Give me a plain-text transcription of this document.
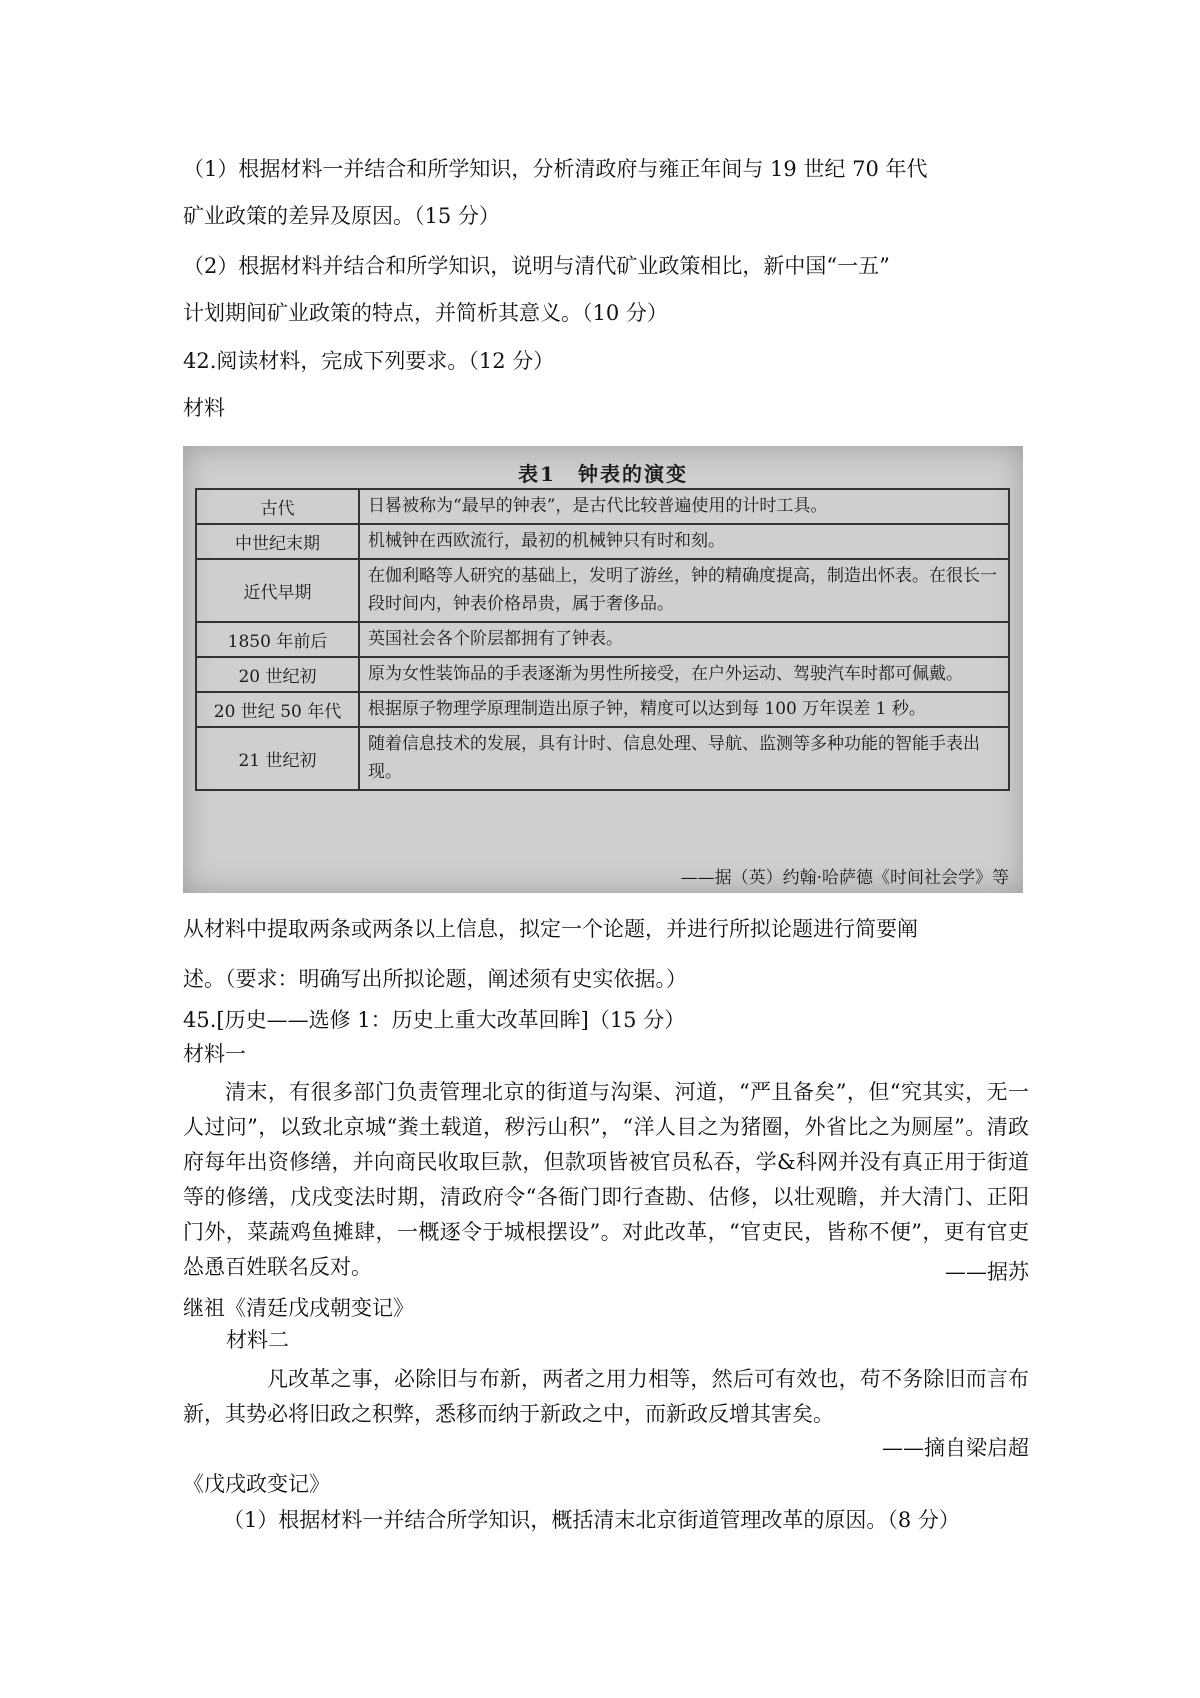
（1）根据材料一并结合和所学知识，分析清政府与雍正年间与 19 世纪 70 年代
矿业政策的差异及原因。（15 分）
（2）根据材料并结合和所学知识，说明与清代矿业政策相比，新中国“一五”
计划期间矿业政策的特点，并简析其意义。（10 分）
42.阅读材料，完成下列要求。（12 分）
材料
表1　钟表的演变
古代	日晷被称为“最早的钟表”，是古代比较普遍使用的计时工具。
中世纪末期	机械钟在西欧流行，最初的机械钟只有时和刻。
近代早期	在伽利略等人研究的基础上，发明了游丝，钟的精确度提高，制造出怀表。在很长一段时间内，钟表价格昂贵，属于奢侈品。
1850 年前后	英国社会各个阶层都拥有了钟表。
20 世纪初	原为女性装饰品的手表逐渐为男性所接受，在户外运动、驾驶汽车时都可佩戴。
20 世纪 50 年代	根据原子物理学原理制造出原子钟，精度可以达到每 100 万年误差 1 秒。
21 世纪初	随着信息技术的发展，具有计时、信息处理、导航、监测等多种功能的智能手表出现。
——据（英）约翰·哈萨德《时间社会学》等
从材料中提取两条或两条以上信息，拟定一个论题，并进行所拟论题进行简要阐
述。（要求：明确写出所拟论题，阐述须有史实依据。）
45.[历史——选修 1：历史上重大改革回眸]（15 分）
材料一
清末，有很多部门负责管理北京的街道与沟渠、河道，“严且备矣”，但“究其实，无一人过问”，以致北京城“粪土载道，秽污山积”，“洋人目之为猪圈，外省比之为厕屋”。清政府每年出资修缮，并向商民收取巨款，但款项皆被官员私吞，学&科网并没有真正用于街道等的修缮，戊戌变法时期，清政府令“各衙门即行查勘、估修，以壮观瞻，并大清门、正阳门外，菜蔬鸡鱼摊肆，一概逐令于城根摆设”。对此改革，“官吏民，皆称不便”，更有官吏怂恿百姓联名反对。	——据苏
继祖《清廷戊戌朝变记》
材料二
凡改革之事，必除旧与布新，两者之用力相等，然后可有效也，苟不务除旧而言布新，其势必将旧政之积弊，悉移而纳于新政之中，而新政反增其害矣。
——摘自梁启超
《戊戌政变记》
（1）根据材料一并结合所学知识，概括清末北京街道管理改革的原因。（8 分）
